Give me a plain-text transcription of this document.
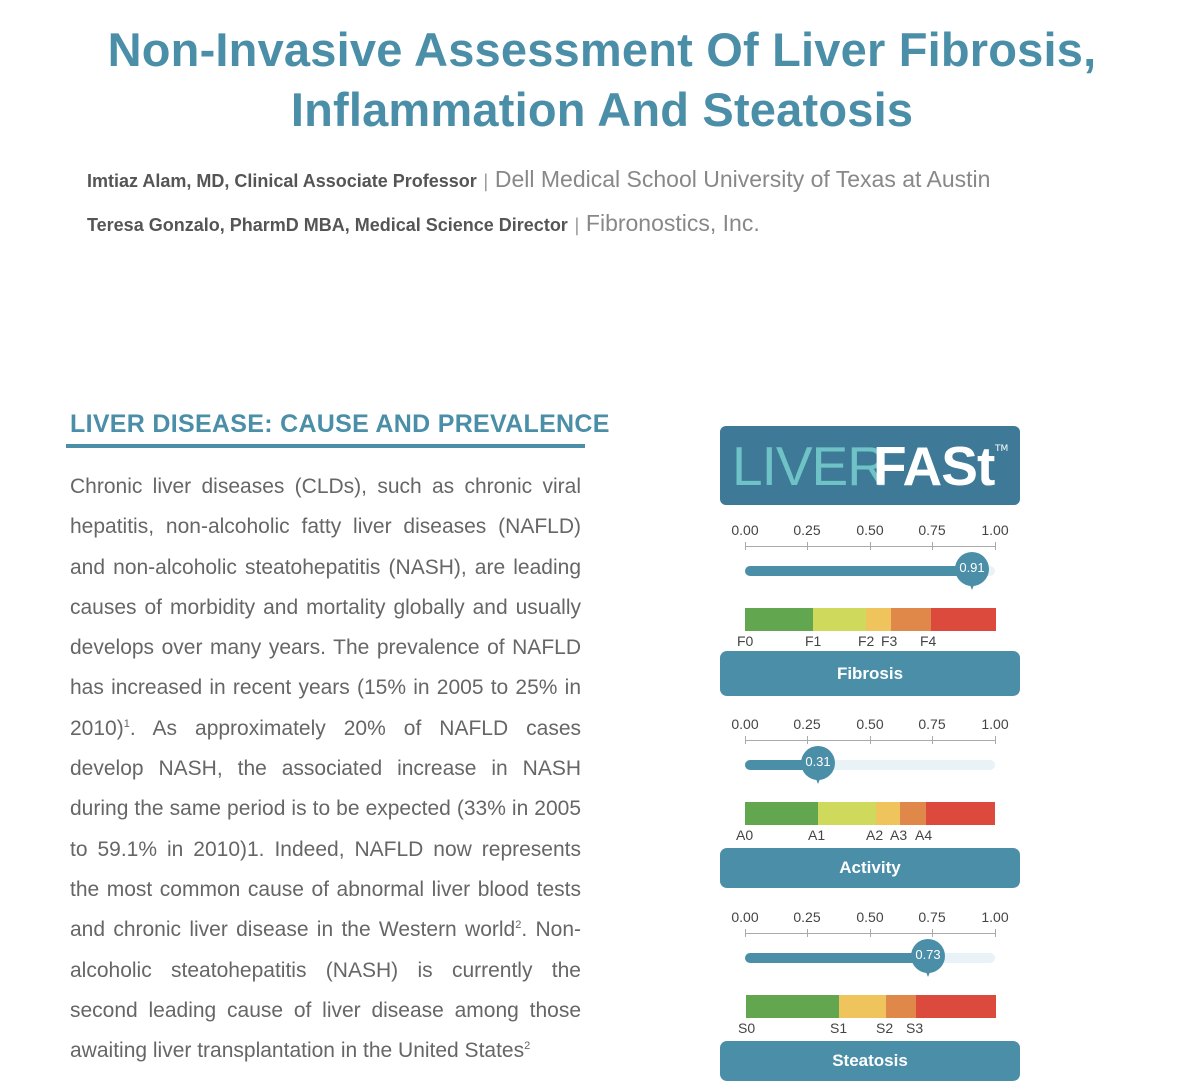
Non-Invasive Assessment Of Liver Fibrosis,
Inflammation And Steatosis
Imtiaz Alam, MD, Clinical Associate Professor | Dell Medical School University of Texas at Austin
Teresa Gonzalo, PharmD MBA, Medical Science Director | Fibronostics, Inc.
LIVER DISEASE: CAUSE AND PREVALENCE
Chronic liver diseases (CLDs), such as chronic viral hepatitis, non-alcoholic fatty liver diseases (NAFLD) and non-alcoholic steatohepatitis (NASH), are leading causes of morbidity and mortality globally and usually develops over many years. The prevalence of NAFLD has increased in recent years (15% in 2005 to 25% in 2010)$^1$. As approximately 20% of NAFLD cases develop NASH, the associated increase in NASH during the same period is to be expected (33% in 2005 to 59.1% in 2010)1. Indeed, NAFLD now represents the most common cause of abnormal liver blood tests and chronic liver disease in the Western world$^2$. Non-alcoholic steatohepatitis (NASH) is currently the second leading cause of liver disease among those awaiting liver transplantation in the United States$^2$
LIVER
FASt TM
0.00 0.25	0.50 0.75	1.00
0.91
F0	F1	F2 F3 F4
Fibrosis
0.00 0.25	0.50 0.75	1.00
0.31
A0	A1	A2 A3 A4
Activity
0.00 0.25	0.50 0.75	1.00
0.73
S0	S1 S2 S3
Steatosis
